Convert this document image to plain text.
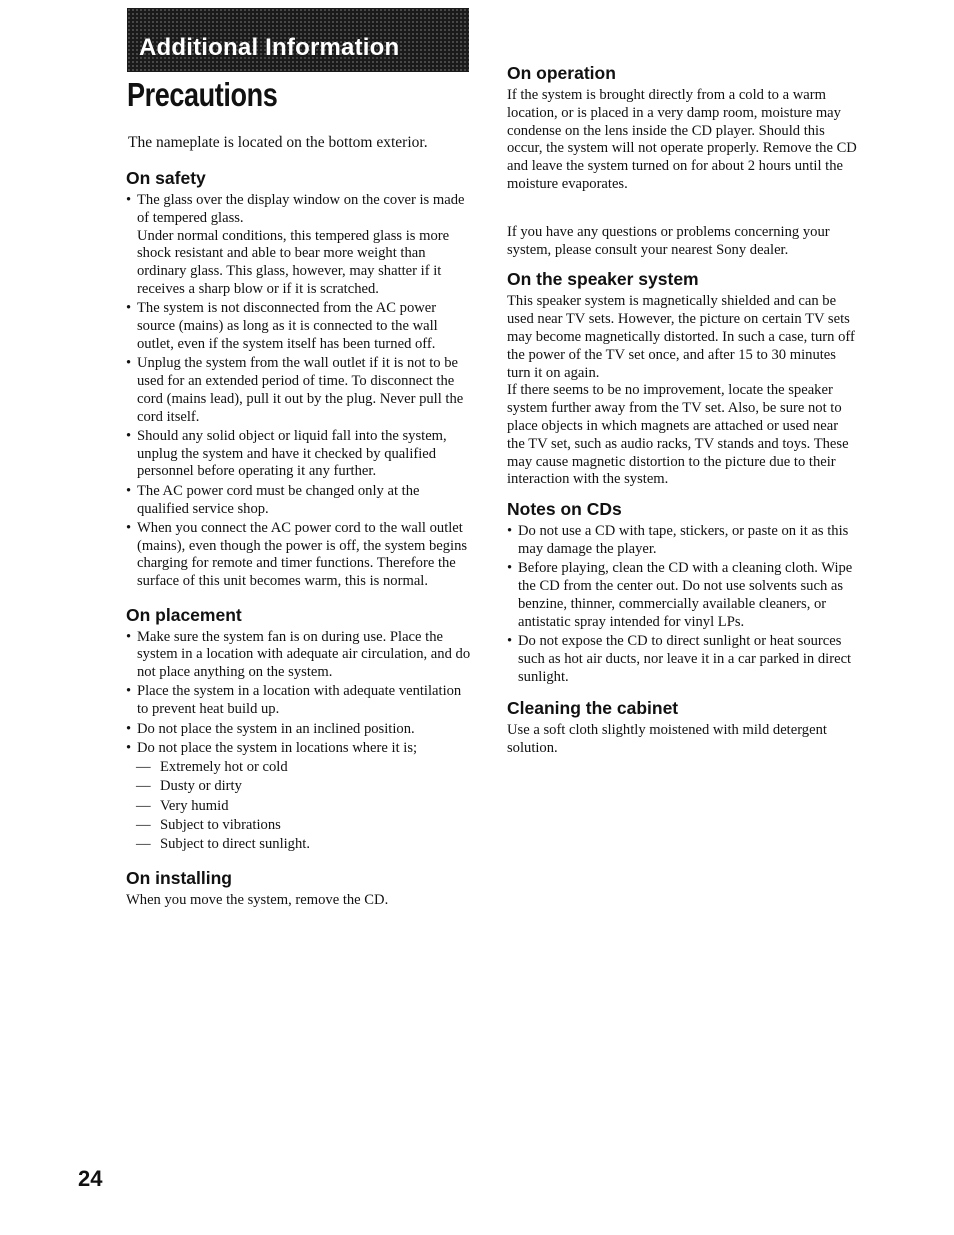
Additional Information
Precautions

The nameplate is located on the bottom exterior.

On safety
• The glass over the display window on the cover is made of tempered glass.
Under normal conditions, this tempered glass is more shock resistant and able to bear more weight than ordinary glass. This glass, however, may shatter if it receives a sharp blow or if it is scratched.
• The system is not disconnected from the AC power source (mains) as long as it is connected to the wall outlet, even if the system itself has been turned off.
• Unplug the system from the wall outlet if it is not to be used for an extended period of time. To disconnect the cord (mains lead), pull it out by the plug. Never pull the cord itself.
• Should any solid object or liquid fall into the system, unplug the system and have it checked by qualified personnel before operating it any further.
• The AC power cord must be changed only at the qualified service shop.
• When you connect the AC power cord to the wall outlet (mains), even though the power is off, the system begins charging for remote and timer functions. Therefore the surface of this unit becomes warm, this is normal.
On placement
• Make sure the system fan is on during use. Place the system in a location with adequate air circulation, and do not place anything on the system.
• Place the system in a location with adequate ventilation to prevent heat build up.
• Do not place the system in an inclined position.
• Do not place the system in locations where it is;
— Extremely hot or cold
— Dusty or dirty
— Very humid
— Subject to vibrations
— Subject to direct sunlight.
On installing

When you move the system, remove the CD.

On operation

If the system is brought directly from a cold to a warm location, or is placed in a very damp room, moisture may condense on the lens inside the CD player. Should this occur, the system will not operate properly. Remove the CD and leave the system turned on for about 2 hours until the moisture evaporates.

If you have any questions or problems concerning your system, please consult your nearest Sony dealer.

On the speaker system

This speaker system is magnetically shielded and can be used near TV sets. However, the picture on certain TV sets may become magnetically distorted. In such a case, turn off the power of the TV set once, and after 15 to 30 minutes turn it on again.

If there seems to be no improvement, locate the speaker system further away from the TV set. Also, be sure not to place objects in which magnets are attached or used near the TV set, such as audio racks, TV stands and toys. These may cause magnetic distortion to the picture due to their interaction with the system.

Notes on CDs
• Do not use a CD with tape, stickers, or paste on it as this may damage the player.
• Before playing, clean the CD with a cleaning cloth. Wipe the CD from the center out. Do not use solvents such as benzine, thinner, commercially available cleaners, or antistatic spray intended for vinyl LPs.
• Do not expose the CD to direct sunlight or heat sources such as hot air ducts, nor leave it in a car parked in direct sunlight.
Cleaning the cabinet

Use a soft cloth slightly moistened with mild detergent solution.

24
